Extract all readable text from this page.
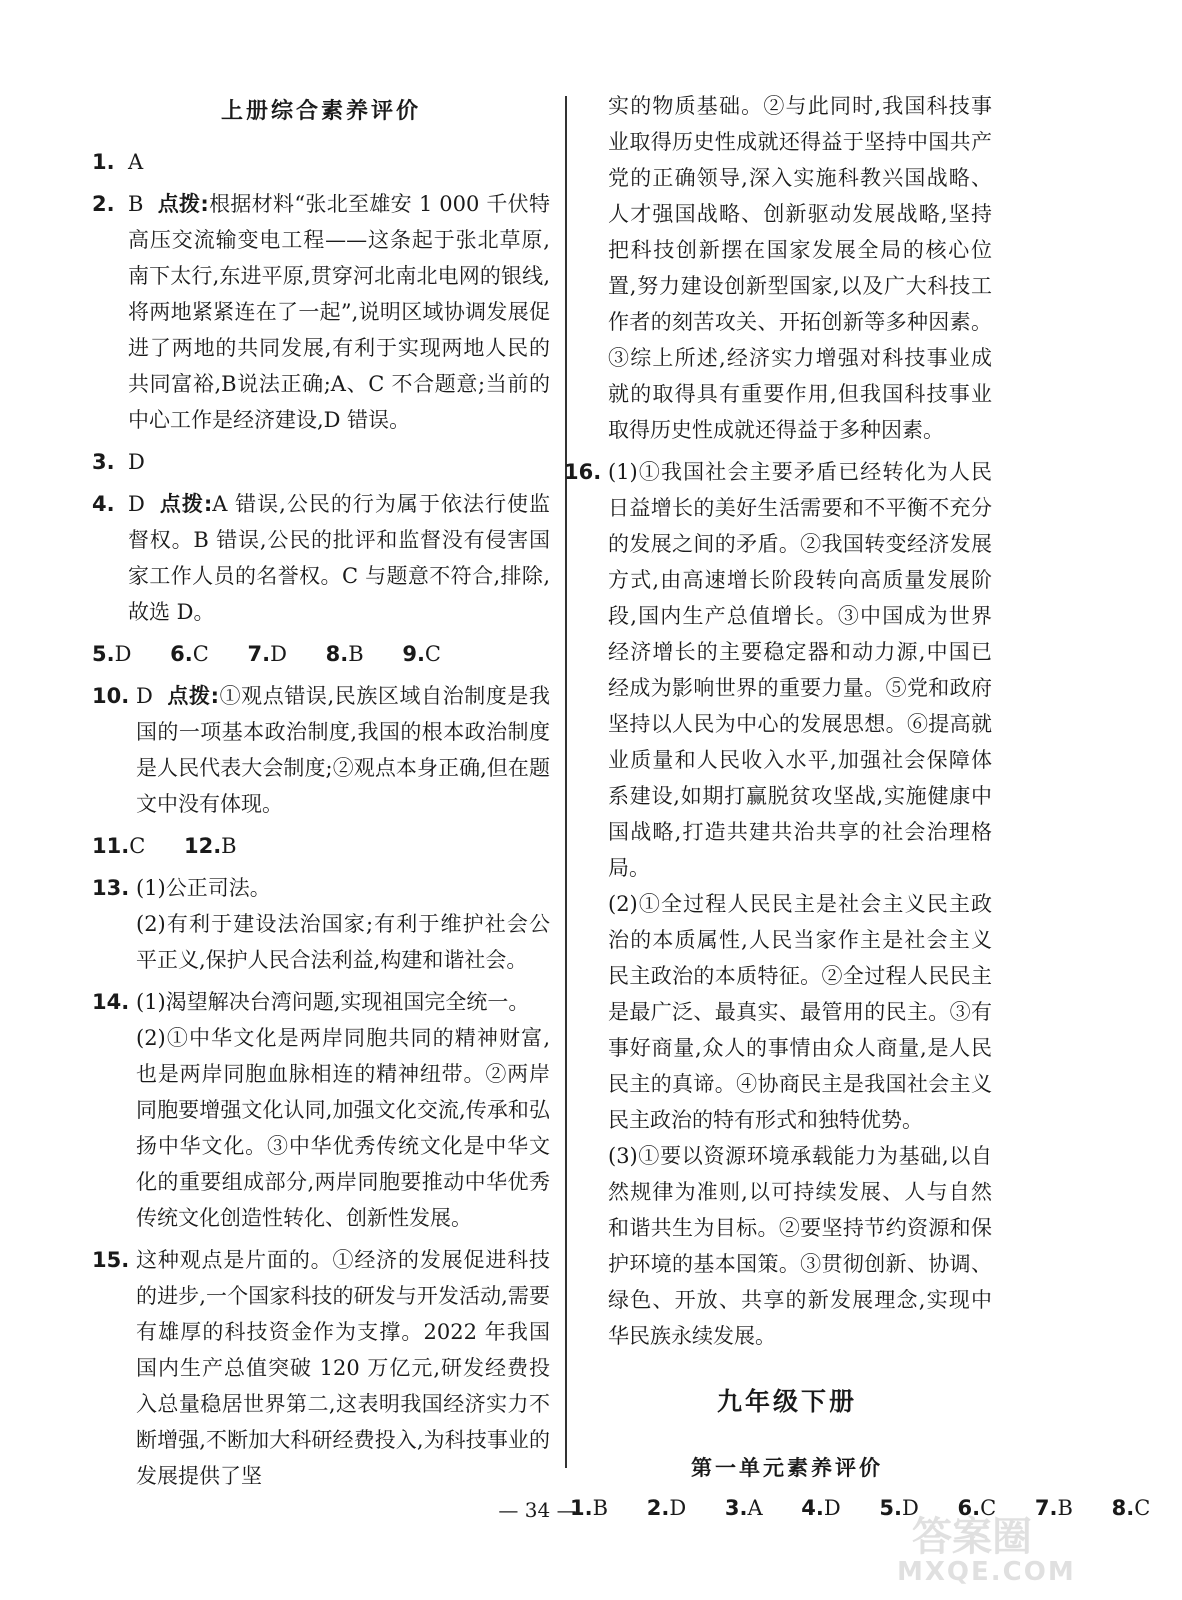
上册综合素养评价
1. A
2. B 点拨:根据材料“张北至雄安 1 000 千伏特高压交流输变电工程——这条起于张北草原,南下太行,东进平原,贯穿河北南北电网的银线,将两地紧紧连在了一起”,说明区域协调发展促进了两地的共同发展,有利于实现两地人民的共同富裕,B说法正确;A、C 不合题意;当前的中心工作是经济建设,D 错误。
3. D
4. D 点拨:A 错误,公民的行为属于依法行使监督权。B 错误,公民的批评和监督没有侵害国家工作人员的名誉权。C 与题意不符合,排除,故选 D。
5.D 6.C 7.D 8.B 9.C
10. D 点拨:①观点错误,民族区域自治制度是我国的一项基本政治制度,我国的根本政治制度是人民代表大会制度;②观点本身正确,但在题文中没有体现。
11.C 12.B
13. (1)公正司法。

(2)有利于建设法治国家;有利于维护社会公平正义,保护人民合法利益,构建和谐社会。

14. (1)渴望解决台湾问题,实现祖国完全统一。

(2)①中华文化是两岸同胞共同的精神财富,也是两岸同胞血脉相连的精神纽带。②两岸同胞要增强文化认同,加强文化交流,传承和弘扬中华文化。③中华优秀传统文化是中华文化的重要组成部分,两岸同胞要推动中华优秀传统文化创造性转化、创新性发展。

15. 这种观点是片面的。①经济的发展促进科技的进步,一个国家科技的研发与开发活动,需要有雄厚的科技资金作为支撑。2022 年我国国内生产总值突破 120 万亿元,研发经费投入总量稳居世界第二,这表明我国经济实力不断增强,不断加大科研经费投入,为科技事业的发展提供了坚

实的物质基础。②与此同时,我国科技事业取得历史性成就还得益于坚持中国共产党的正确领导,深入实施科教兴国战略、人才强国战略、创新驱动发展战略,坚持把科技创新摆在国家发展全局的核心位置,努力建设创新型国家,以及广大科技工作者的刻苦攻关、开拓创新等多种因素。③综上所述,经济实力增强对科技事业成就的取得具有重要作用,但我国科技事业取得历史性成就还得益于多种因素。

16. (1)①我国社会主要矛盾已经转化为人民日益增长的美好生活需要和不平衡不充分的发展之间的矛盾。②我国转变经济发展方式,由高速增长阶段转向高质量发展阶段,国内生产总值增长。③中国成为世界经济增长的主要稳定器和动力源,中国已经成为影响世界的重要力量。⑤党和政府坚持以人民为中心的发展思想。⑥提高就业质量和人民收入水平,加强社会保障体系建设,如期打赢脱贫攻坚战,实施健康中国战略,打造共建共治共享的社会治理格局。

(2)①全过程人民民主是社会主义民主政治的本质属性,人民当家作主是社会主义民主政治的本质特征。②全过程人民民主是最广泛、最真实、最管用的民主。③有事好商量,众人的事情由众人商量,是人民民主的真谛。④协商民主是我国社会主义民主政治的特有形式和独特优势。

(3)①要以资源环境承载能力为基础,以自然规律为准则,以可持续发展、人与自然和谐共生为目标。②要坚持节约资源和保护环境的基本国策。③贯彻创新、协调、绿色、开放、共享的新发展理念,实现中华民族永续发展。

九年级下册
第一单元素养评价
1.B 2.D 3.A 4.D 5.D 6.C 7.B 8.C
— 34 —
答案圈
MXQE.COM
